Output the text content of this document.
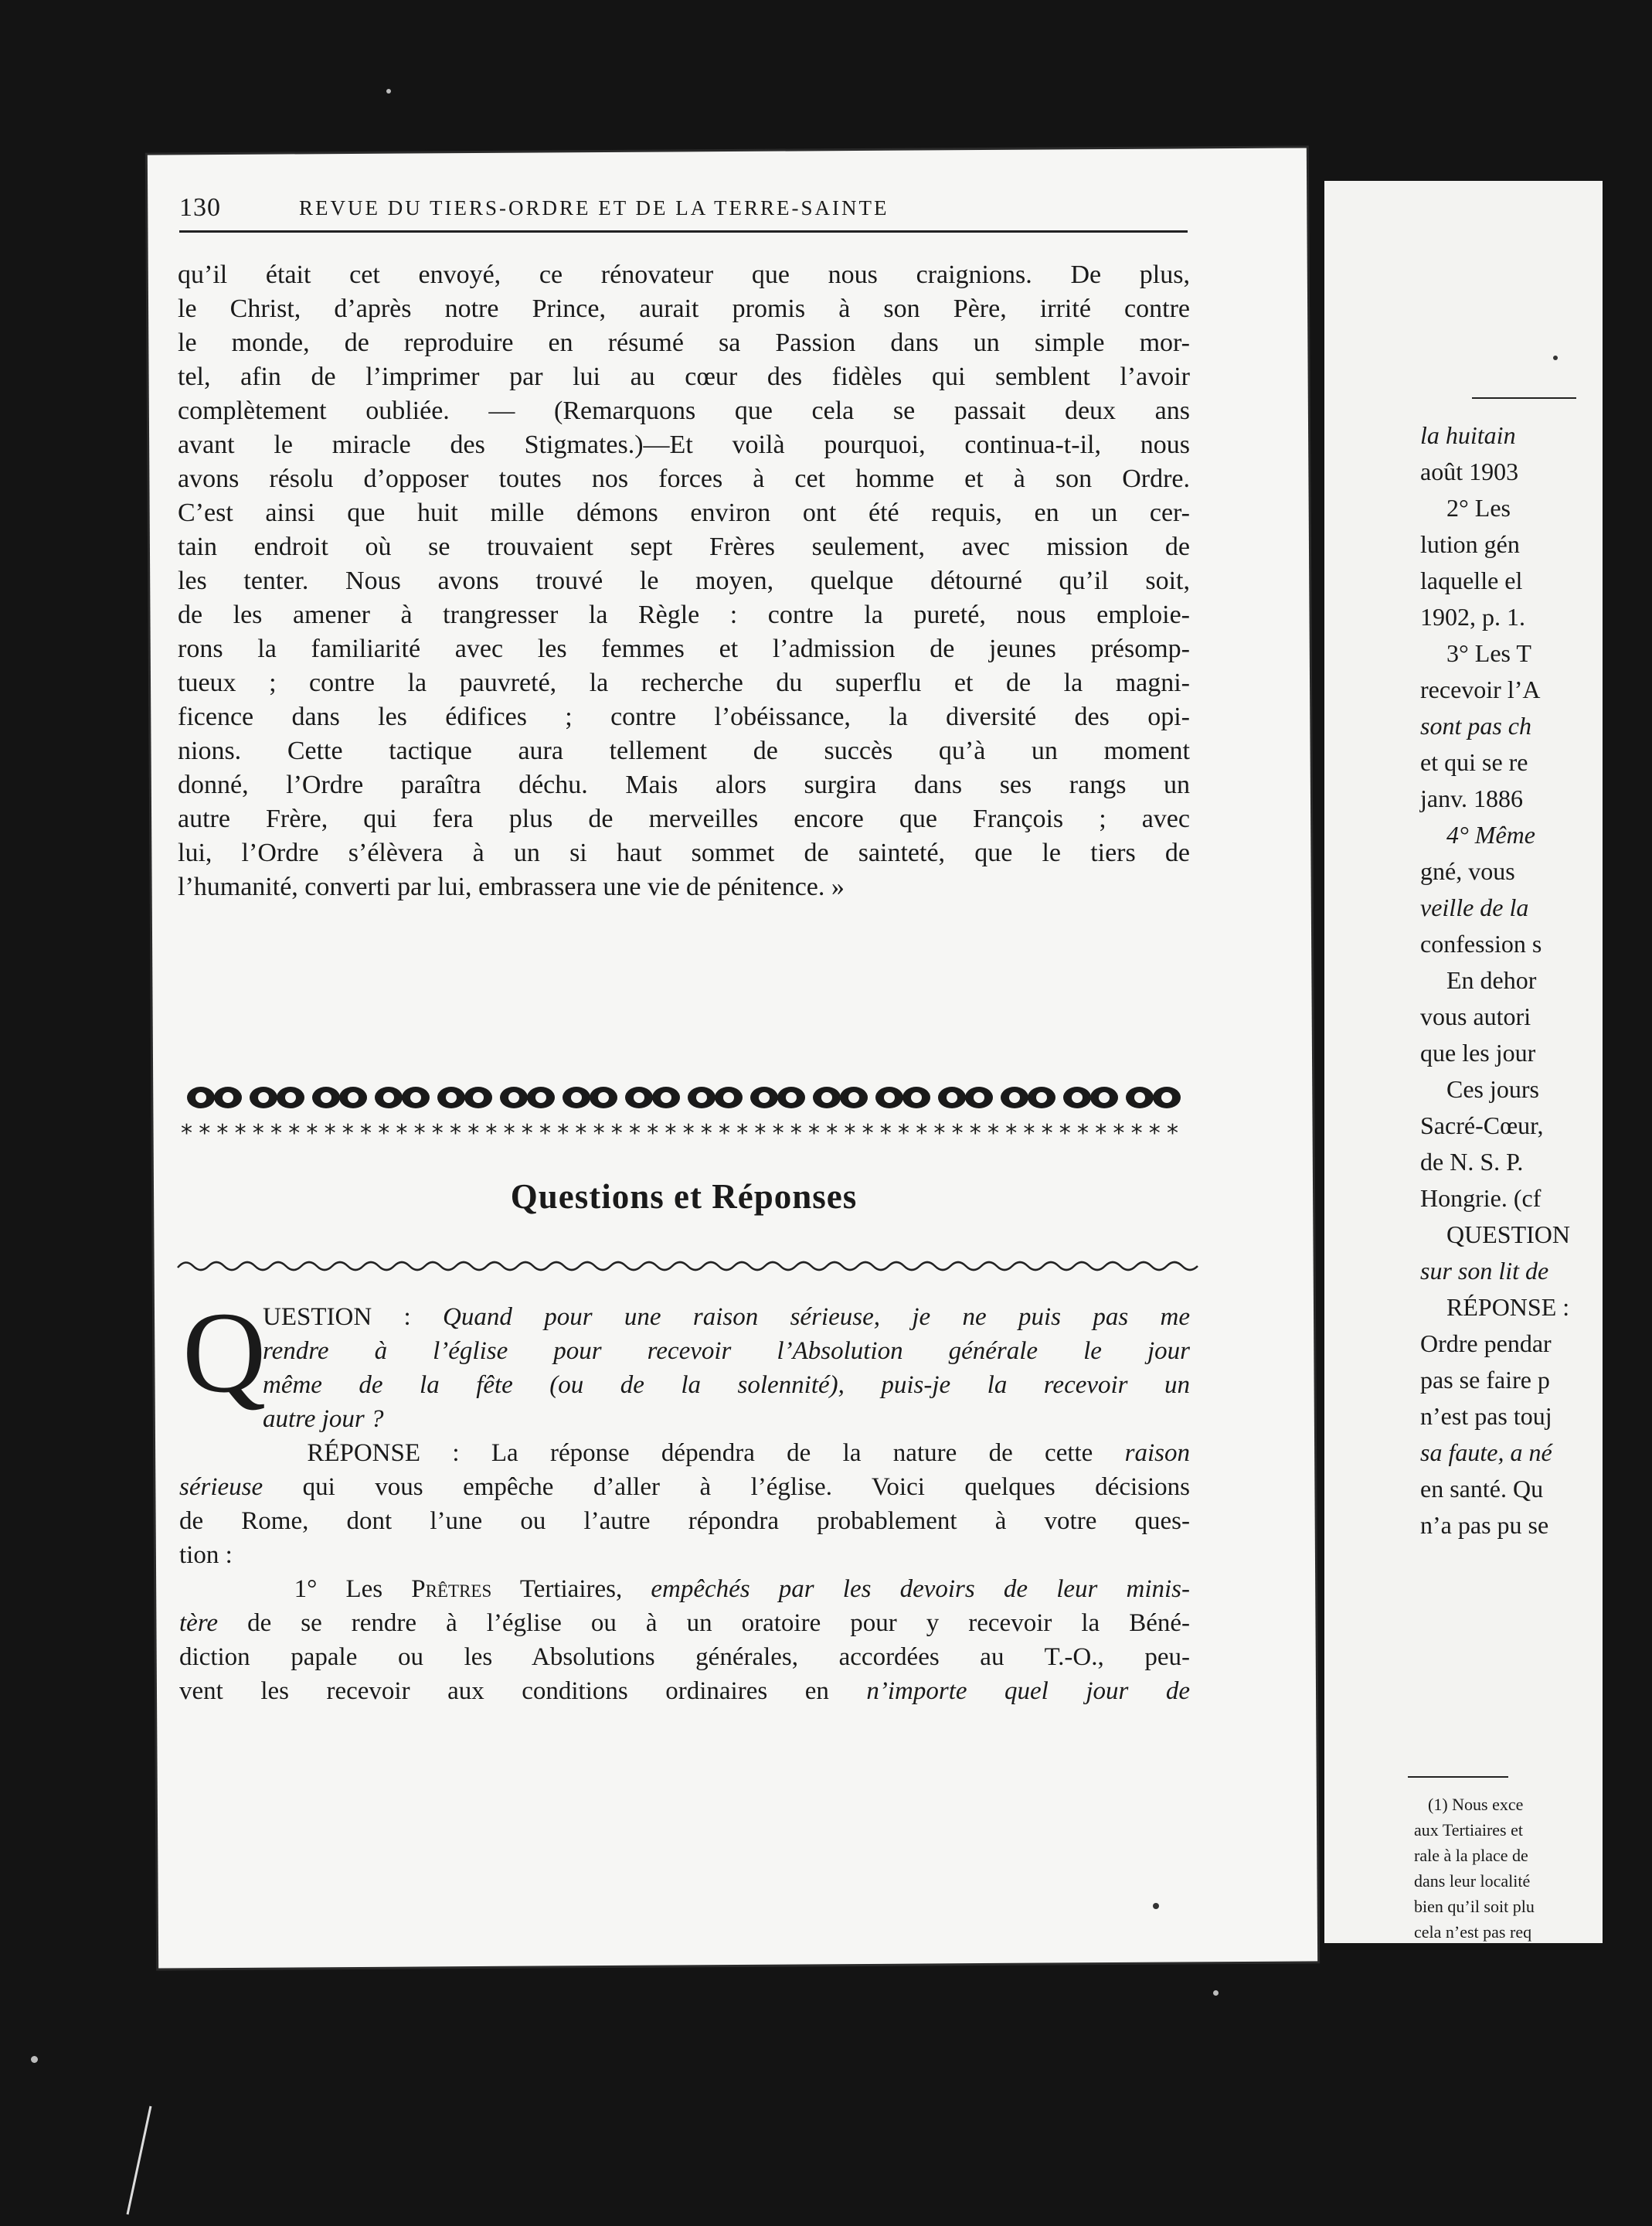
130	REVUE DU TIERS-ORDRE ET DE LA TERRE-SAINTE
qu’il était cet envoyé, ce rénovateur que nous craignions. De plus,
le Christ, d’après notre Prince, aurait promis à son Père, irrité contre
le monde, de reproduire en résumé sa Passion dans un simple mor-
tel, afin de l’imprimer par lui au cœur des fidèles qui semblent l’avoir
complètement oubliée. — (Remarquons que cela se passait deux ans
avant le miracle des Stigmates.)—Et voilà pourquoi, continua-t-il, nous
avons résolu d’opposer toutes nos forces à cet homme et à son Ordre.
C’est ainsi que huit mille démons environ ont été requis, en un cer-
tain endroit où se trouvaient sept Frères seulement, avec mission de
les tenter. Nous avons trouvé le moyen, quelque détourné qu’il soit,
de les amener à trangresser la Règle : contre la pureté, nous emploie-
rons la familiarité avec les femmes et l’admission de jeunes présomp-
tueux ; contre la pauvreté, la recherche du superflu et de la magni-
ficence dans les édifices ; contre l’obéissance, la diversité des opi-
nions. Cette tactique aura tellement de succès qu’à un moment
donné, l’Ordre paraîtra déchu. Mais alors surgira dans ses rangs un
autre Frère, qui fera plus de merveilles encore que François ; avec
lui, l’Ordre s’élèvera à un si haut sommet de sainteté, que le tiers de
l’humanité, converti par lui, embrassera une vie de pénitence. »
* * * * * * * * * * * * * * * * * * * * * * * * * * * * * * * * * * * * * * * * * * * * * * * * * * * * * * * *
Questions et Réponses
Q
UESTION : Quand pour une raison sérieuse, je ne puis pas me
rendre à l’église pour recevoir l’Absolution générale le jour
même de la fête (ou de la solennité), puis-je la recevoir un
autre jour ?
RÉPONSE : La réponse dépendra de la nature de cette raison
sérieuse qui vous empêche d’aller à l’église. Voici quelques décisions
de Rome, dont l’une ou l’autre répondra probablement à votre ques-
tion :
1° Les Prêtres Tertiaires, empêchés par les devoirs de leur minis-
tère de se rendre à l’église ou à un oratoire pour y recevoir la Béné-
diction papale ou les Absolutions générales, accordées au T.-O., peu-
vent les recevoir aux conditions ordinaires en n’importe quel jour de
la huitain
août 1903
2° Les
lution gén
laquelle el
1902, p. 1.
3° Les T
recevoir l’A
sont pas ch
et qui se re
janv. 1886
4° Même
gné, vous
veille de la
confession s
En dehor
vous autori
que les jour
Ces jours
Sacré-Cœur,
de N. S. P.
Hongrie. (cf
QUESTION
sur son lit de
RÉPONSE :
Ordre pendar
pas se faire p
n’est pas touj
sa faute, a né
en santé. Qu
n’a pas pu se
(1) Nous exce
aux Tertiaires et
rale à la place de
dans leur localité
bien qu’il soit plu
cela n’est pas req
